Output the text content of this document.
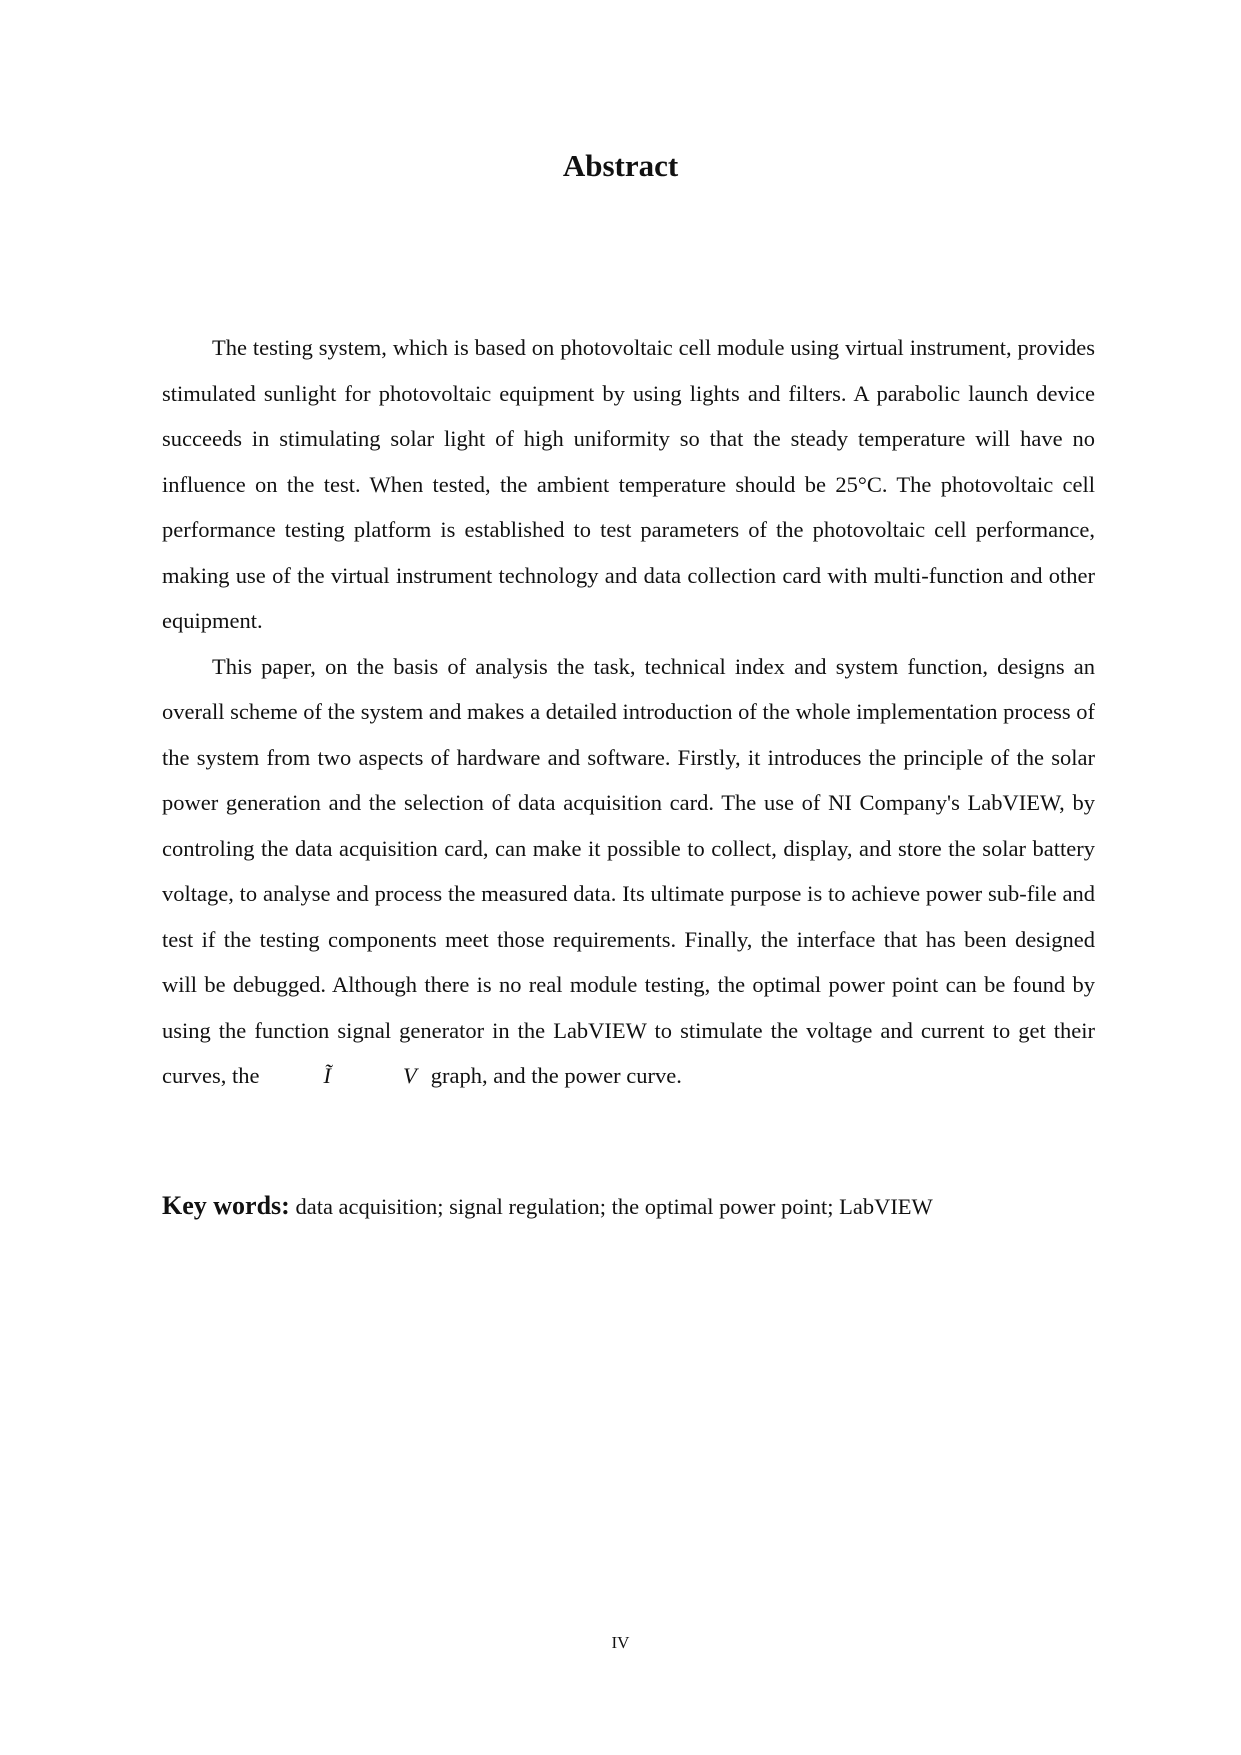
Abstract

The testing system, which is based on photovoltaic cell module using virtual instrument, provides stimulated sunlight for photovoltaic equipment by using lights and filters. A parabolic launch device succeeds in stimulating solar light of high uniformity so that the steady temperature will have no influence on the test. When tested, the ambient temperature should be 25°C. The photovoltaic cell performance testing platform is established to test parameters of the photovoltaic cell performance, making use of the virtual instrument technology and data collection card with multi-function and other equipment.

This paper, on the basis of analysis the task, technical index and system function, designs an overall scheme of the system and makes a detailed introduction of the whole implementation process of the system from two aspects of hardware and software. Firstly, it introduces the principle of the solar power generation and the selection of data acquisition card. The use of NI Company's LabVIEW, by controling the data acquisition card, can make it possible to collect, display, and store the solar battery voltage, to analyse and process the measured data. Its ultimate purpose is to achieve power sub-file and test if the testing components meet those requirements. Finally, the interface that has been designed will be debugged. Although there is no real module testing, the optimal power point can be found by using the function signal generator in the LabVIEW to stimulate the voltage and current to get their curves, the	Ĩ	V graph, and the power curve.

Key words: data acquisition; signal regulation; the optimal power point; LabVIEW

IV
